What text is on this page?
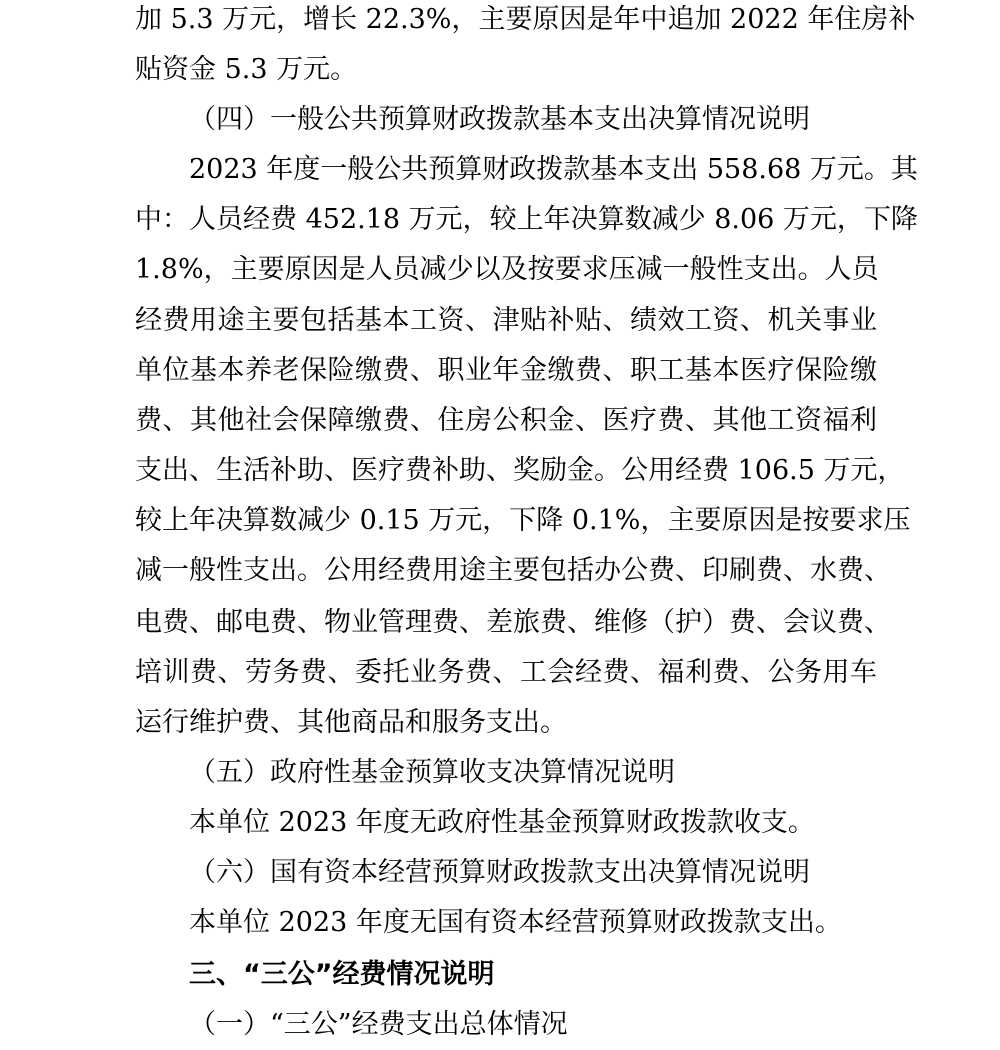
加 5.3 万元，增长 22.3%，主要原因是年中追加 2022 年住房补
贴资金 5.3 万元。
（四）一般公共预算财政拨款基本支出决算情况说明
2023 年度一般公共预算财政拨款基本支出 558.68 万元。其
中：人员经费 452.18 万元，较上年决算数减少 8.06 万元，下降
1.8%，主要原因是人员减少以及按要求压减一般性支出。人员
经费用途主要包括基本工资、津贴补贴、绩效工资、机关事业
单位基本养老保险缴费、职业年金缴费、职工基本医疗保险缴
费、其他社会保障缴费、住房公积金、医疗费、其他工资福利
支出、生活补助、医疗费补助、奖励金。公用经费 106.5 万元，
较上年决算数减少 0.15 万元，下降 0.1%，主要原因是按要求压
减一般性支出。公用经费用途主要包括办公费、印刷费、水费、
电费、邮电费、物业管理费、差旅费、维修（护）费、会议费、
培训费、劳务费、委托业务费、工会经费、福利费、公务用车
运行维护费、其他商品和服务支出。
（五）政府性基金预算收支决算情况说明
本单位 2023 年度无政府性基金预算财政拨款收支。
（六）国有资本经营预算财政拨款支出决算情况说明
本单位 2023 年度无国有资本经营预算财政拨款支出。
三、“三公”经费情况说明
（一）“三公”经费支出总体情况
